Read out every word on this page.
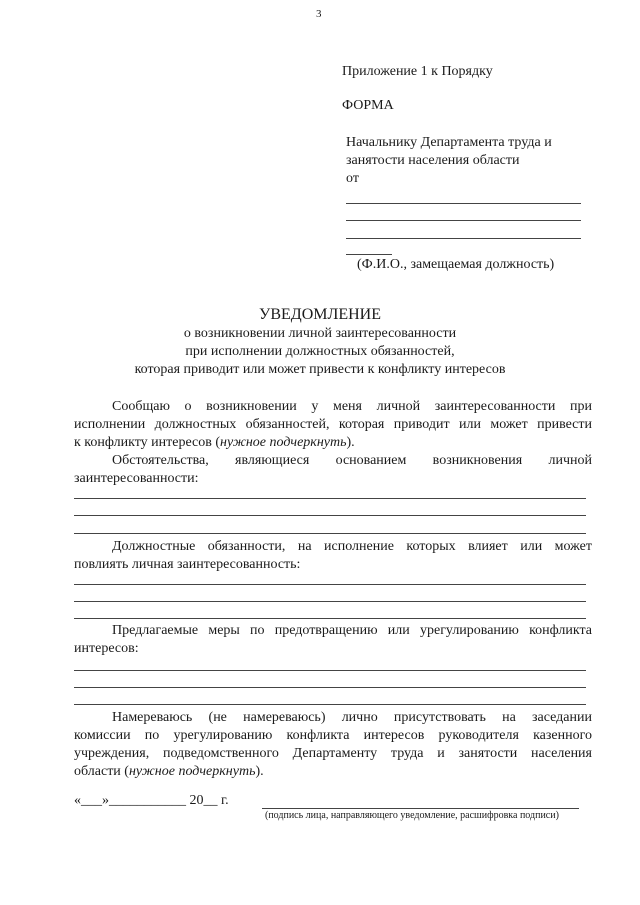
3
Приложение 1 к Порядку
ФОРМА
Начальнику Департамента труда и
занятости населения области
от
(Ф.И.О., замещаемая должность)
УВЕДОМЛЕНИЕ
о возникновении личной заинтересованности
при исполнении должностных обязанностей,
которая приводит или может привести к конфликту интересов
Сообщаю о возникновении у меня личной заинтересованности при
исполнении должностных обязанностей, которая приводит или может привести
к конфликту интересов (нужное подчеркнуть).
Обстоятельства, являющиеся основанием возникновения личной
заинтересованности:
Должностные обязанности, на исполнение которых влияет или может
повлиять личная заинтересованность:
Предлагаемые меры по предотвращению или урегулированию конфликта
интересов:
Намереваюсь (не намереваюсь) лично присутствовать на заседании
комиссии по урегулированию конфликта интересов руководителя казенного
учреждения, подведомственного Департаменту труда и занятости населения
области (нужное подчеркнуть).
«___»___________ 20__ г.
(подпись лица, направляющего уведомление, расшифровка подписи)
